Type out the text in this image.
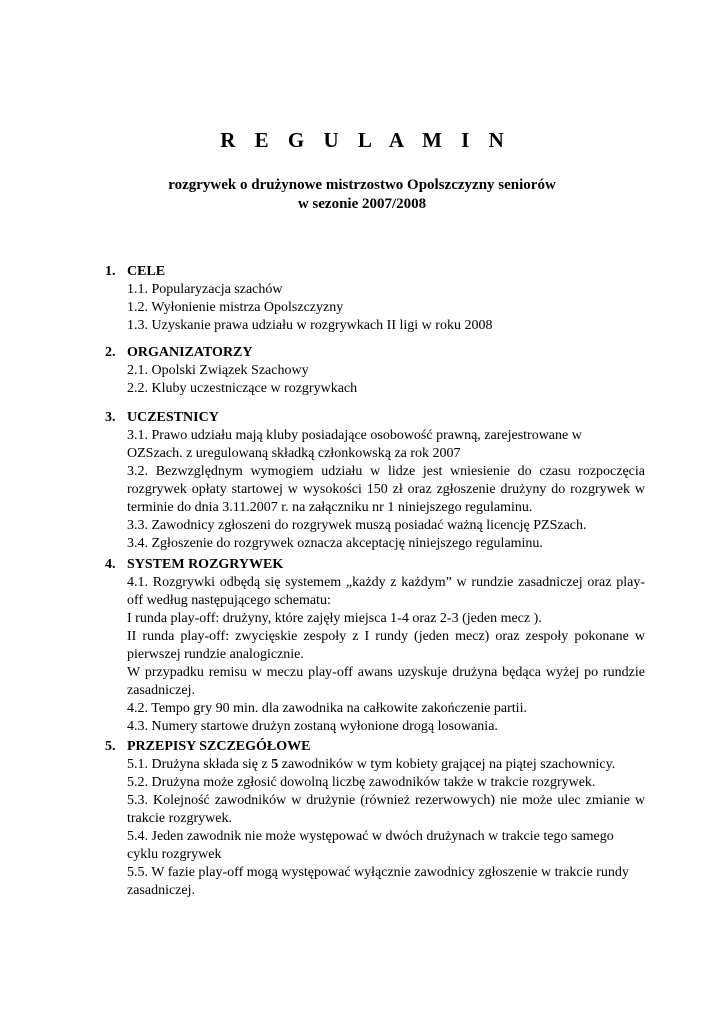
R E G U L A M I N
rozgrywek o drużynowe mistrzostwo Opolszczyzny seniorów
w sezonie 2007/2008
1. CELE
1.1. Popularyzacja szachów
1.2. Wyłonienie mistrza Opolszczyzny
1.3. Uzyskanie prawa udziału w rozgrywkach II ligi w roku 2008
2. ORGANIZATORZY
2.1. Opolski Związek Szachowy
2.2. Kluby uczestniczące w rozgrywkach
3. UCZESTNICY
3.1. Prawo udziału mają kluby posiadające osobowość prawną, zarejestrowane w
OZSzach. z uregulowaną składką członkowską za rok 2007
3.2. Bezwzględnym wymogiem udziału w lidze jest wniesienie do czasu rozpoczęcia
rozgrywek opłaty startowej w wysokości 150 zł oraz zgłoszenie drużyny do rozgrywek w
terminie do dnia 3.11.2007 r. na załączniku nr 1 niniejszego regulaminu.
3.3. Zawodnicy zgłoszeni do rozgrywek muszą posiadać ważną licencję PZSzach.
3.4. Zgłoszenie do rozgrywek oznacza akceptację niniejszego regulaminu.
4. SYSTEM ROZGRYWEK
4.1. Rozgrywki odbędą się systemem „każdy z każdym” w rundzie zasadniczej oraz play-
off według następującego schematu:
I runda play-off: drużyny, które zajęły miejsca 1-4 oraz 2-3 (jeden mecz ).
II runda play-off: zwycięskie zespoły z I rundy (jeden mecz) oraz zespoły pokonane w
pierwszej rundzie analogicznie.
W przypadku remisu w meczu play-off awans uzyskuje drużyna będąca wyżej po rundzie
zasadniczej.
4.2. Tempo gry 90 min. dla zawodnika na całkowite zakończenie partii.
4.3. Numery startowe drużyn zostaną wyłonione drogą losowania.
5. PRZEPISY SZCZEGÓŁOWE
5.1. Drużyna składa się z 5 zawodników w tym kobiety grającej na piątej szachownicy.
5.2. Drużyna może zgłosić dowolną liczbę zawodników także w trakcie rozgrywek.
5.3. Kolejność zawodników w drużynie (również rezerwowych) nie może ulec zmianie w
trakcie rozgrywek.
5.4. Jeden zawodnik nie może występować w dwóch drużynach w trakcie tego samego
cyklu rozgrywek
5.5. W fazie play-off mogą występować wyłącznie zawodnicy zgłoszenie w trakcie rundy
zasadniczej.
